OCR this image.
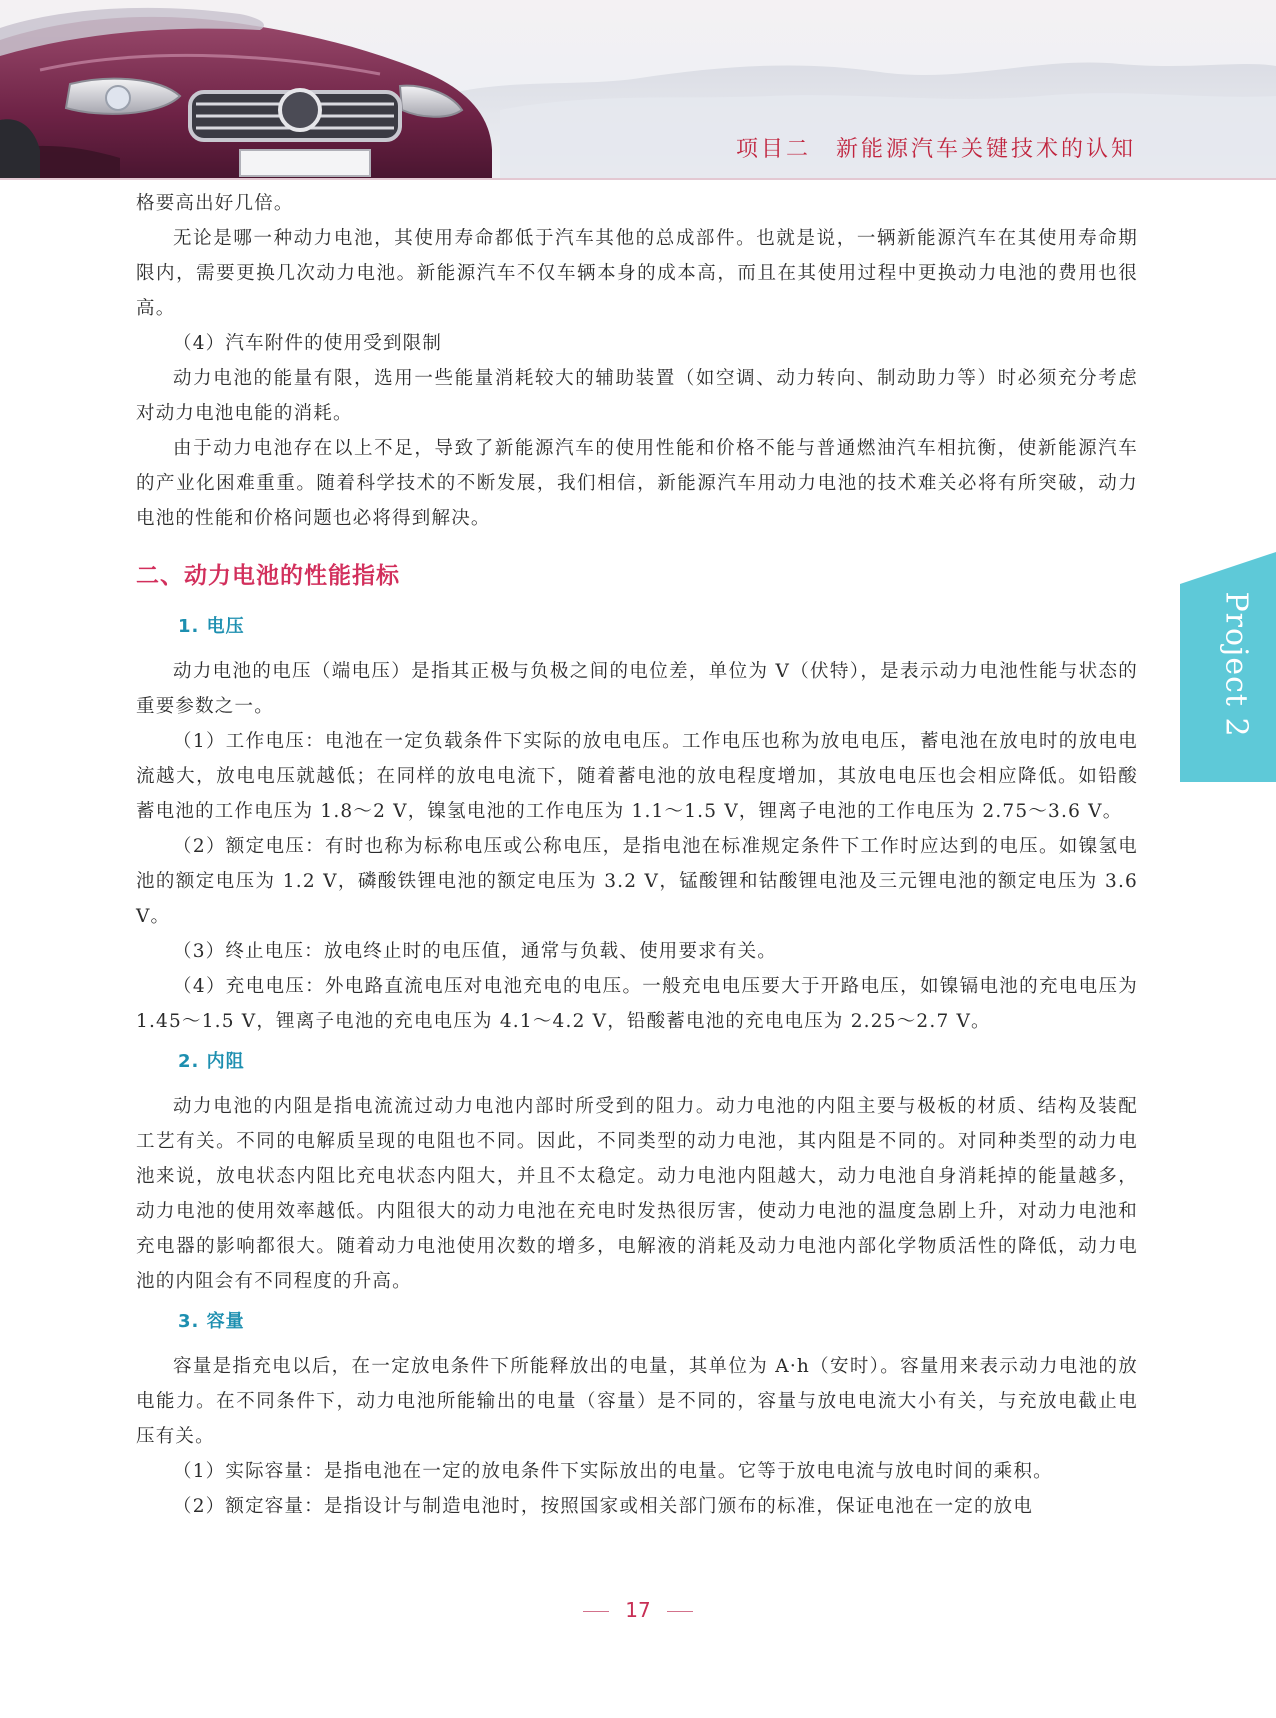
项目二　新能源汽车关键技术的认知
Project 2

格要高出好几倍。

无论是哪一种动力电池，其使用寿命都低于汽车其他的总成部件。也就是说，一辆新能源汽车在其使用寿命期限内，需要更换几次动力电池。新能源汽车不仅车辆本身的成本高，而且在其使用过程中更换动力电池的费用也很高。

（4）汽车附件的使用受到限制

动力电池的能量有限，选用一些能量消耗较大的辅助装置（如空调、动力转向、制动助力等）时必须充分考虑对动力电池电能的消耗。

由于动力电池存在以上不足，导致了新能源汽车的使用性能和价格不能与普通燃油汽车相抗衡，使新能源汽车的产业化困难重重。随着科学技术的不断发展，我们相信，新能源汽车用动力电池的技术难关必将有所突破，动力电池的性能和价格问题也必将得到解决。

二、动力电池的性能指标
1. 电压

动力电池的电压（端电压）是指其正极与负极之间的电位差，单位为 V（伏特），是表示动力电池性能与状态的重要参数之一。

（1）工作电压：电池在一定负载条件下实际的放电电压。工作电压也称为放电电压，蓄电池在放电时的放电电流越大，放电电压就越低；在同样的放电电流下，随着蓄电池的放电程度增加，其放电电压也会相应降低。如铅酸蓄电池的工作电压为 1.8～2 V，镍氢电池的工作电压为 1.1～1.5 V，锂离子电池的工作电压为 2.75～3.6 V。

（2）额定电压：有时也称为标称电压或公称电压，是指电池在标准规定条件下工作时应达到的电压。如镍氢电池的额定电压为 1.2 V，磷酸铁锂电池的额定电压为 3.2 V，锰酸锂和钴酸锂电池及三元锂电池的额定电压为 3.6 V。

（3）终止电压：放电终止时的电压值，通常与负载、使用要求有关。

（4）充电电压：外电路直流电压对电池充电的电压。一般充电电压要大于开路电压，如镍镉电池的充电电压为 1.45～1.5 V，锂离子电池的充电电压为 4.1～4.2 V，铅酸蓄电池的充电电压为 2.25～2.7 V。

2. 内阻

动力电池的内阻是指电流流过动力电池内部时所受到的阻力。动力电池的内阻主要与极板的材质、结构及装配工艺有关。不同的电解质呈现的电阻也不同。因此，不同类型的动力电池，其内阻是不同的。对同种类型的动力电池来说，放电状态内阻比充电状态内阻大，并且不太稳定。动力电池内阻越大，动力电池自身消耗掉的能量越多，动力电池的使用效率越低。内阻很大的动力电池在充电时发热很厉害，使动力电池的温度急剧上升，对动力电池和充电器的影响都很大。随着动力电池使用次数的增多，电解液的消耗及动力电池内部化学物质活性的降低，动力电池的内阻会有不同程度的升高。

3. 容量

容量是指充电以后，在一定放电条件下所能释放出的电量，其单位为 A·h（安时）。容量用来表示动力电池的放电能力。在不同条件下，动力电池所能输出的电量（容量）是不同的，容量与放电电流大小有关，与充放电截止电压有关。

（1）实际容量：是指电池在一定的放电条件下实际放出的电量。它等于放电电流与放电时间的乘积。

（2）额定容量：是指设计与制造电池时，按照国家或相关部门颁布的标准，保证电池在一定的放电

17
